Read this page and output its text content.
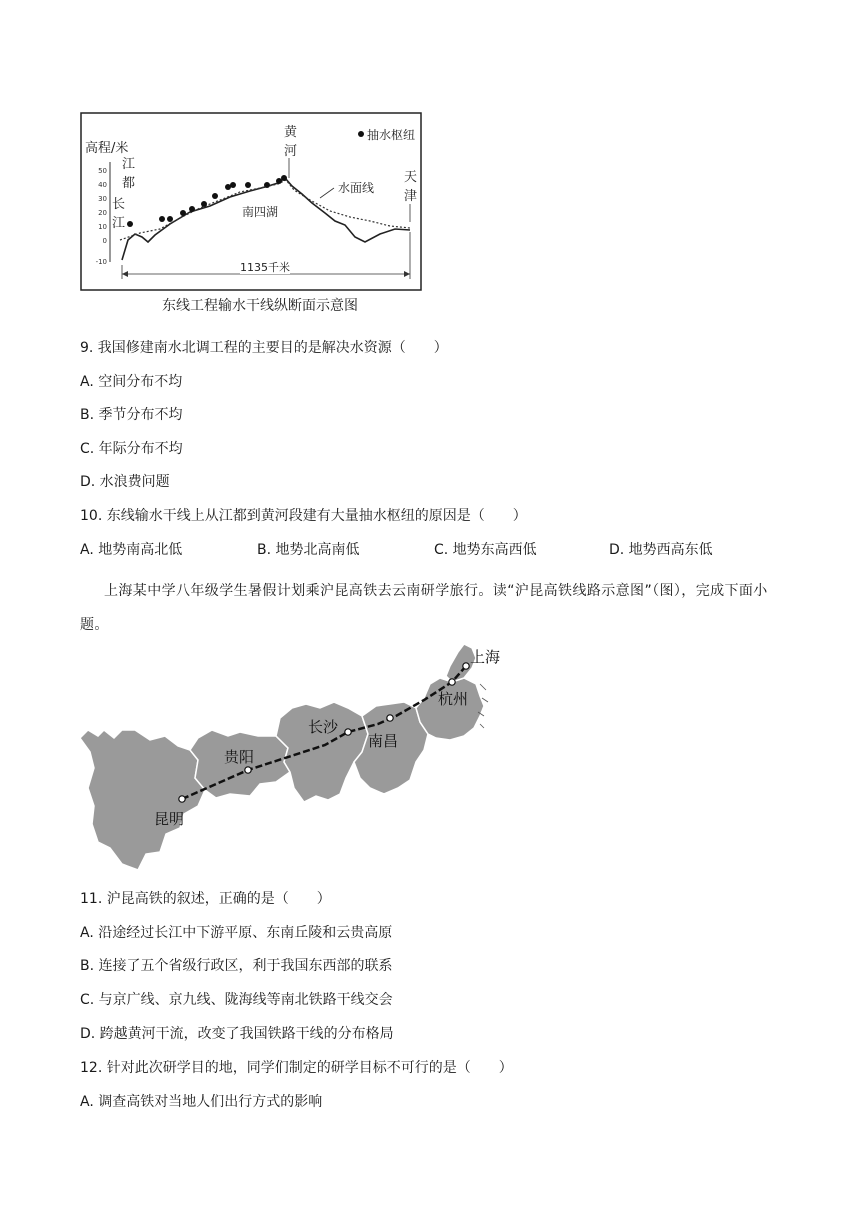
50
40
30
20
10
0
-10
高程/米
江
都
长
江
黄
河
天
津
抽水枢纽
水面线
南四湖
1135千米
东线工程输水干线纵断面示意图
9. 我国修建南水北调工程的主要目的是解决水资源（　　）
A. 空间分布不均
B. 季节分布不均
C. 年际分布不均
D. 水浪费问题
10. 东线输水干线上从江都到黄河段建有大量抽水枢纽的原因是（　　）
A. 地势南高北低	B. 地势北高南低	C. 地势东高西低	D. 地势西高东低
上海某中学八年级学生暑假计划乘沪昆高铁去云南研学旅行。读“沪昆高铁线路示意图”（图），完成下面小题。
上海
杭州
南昌
长沙
贵阳
昆明
11. 沪昆高铁的叙述，正确的是（　　）
A. 沿途经过长江中下游平原、东南丘陵和云贵高原
B. 连接了五个省级行政区，利于我国东西部的联系
C. 与京广线、京九线、陇海线等南北铁路干线交会
D. 跨越黄河干流，改变了我国铁路干线的分布格局
12. 针对此次研学目的地，同学们制定的研学目标不可行的是（　　）
A. 调查高铁对当地人们出行方式的影响
